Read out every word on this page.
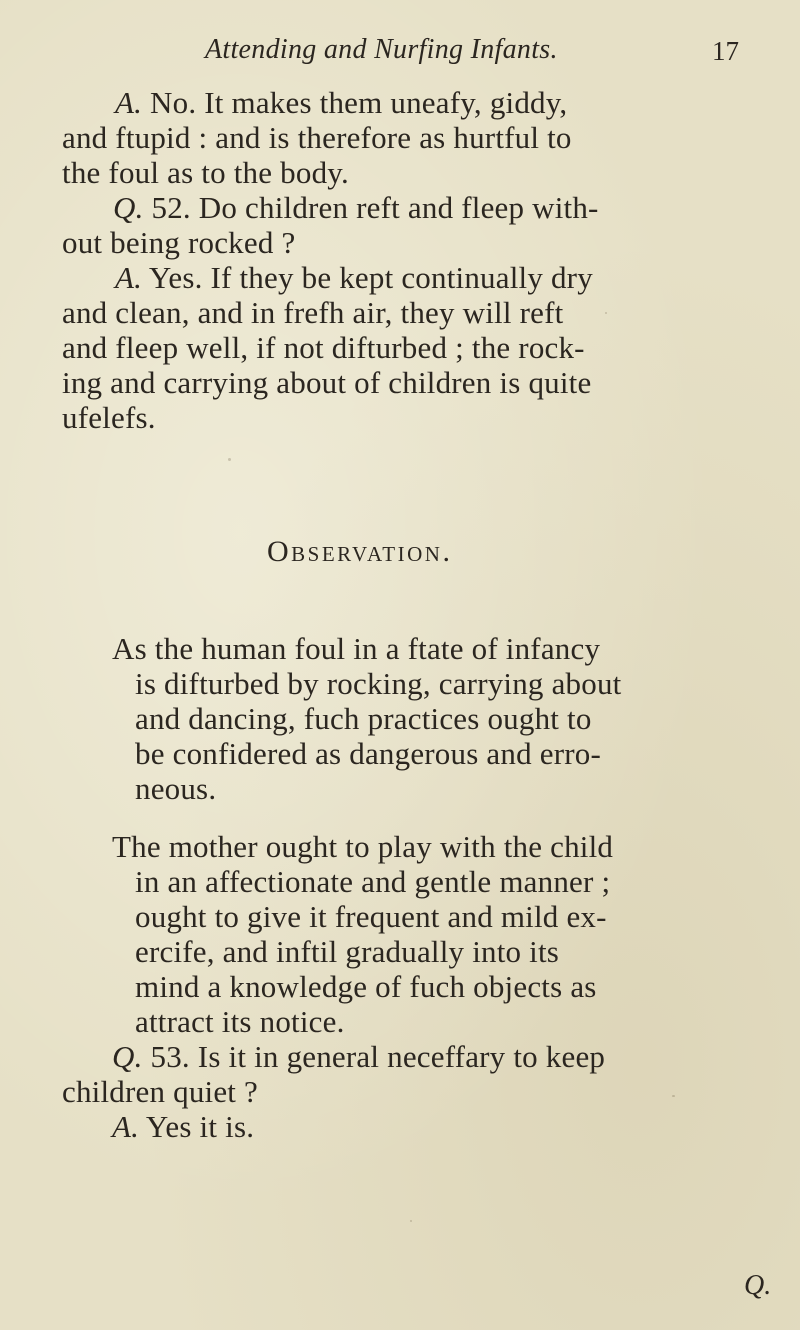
Attending and Nurfing Infants.	17
A. No. It makes them uneafy, giddy,
and ftupid : and is therefore as hurtful to
the foul as to the body.
Q. 52. Do children reft and fleep with-
out being rocked ?
A. Yes. If they be kept continually dry
and clean, and in frefh air, they will reft
and fleep well, if not difturbed ; the rock-
ing and carrying about of children is quite
ufelefs.
Observation.
As the human foul in a ftate of infancy
is difturbed by rocking, carrying about
and dancing, fuch practices ought to
be confidered as dangerous and erro-
neous.
The mother ought to play with the child
in an affectionate and gentle manner ;
ought to give it frequent and mild ex-
ercife, and inftil gradually into its
mind a knowledge of fuch objects as
attract its notice.
Q. 53. Is it in general neceffary to keep
children quiet ?
A. Yes it is.
Q.
